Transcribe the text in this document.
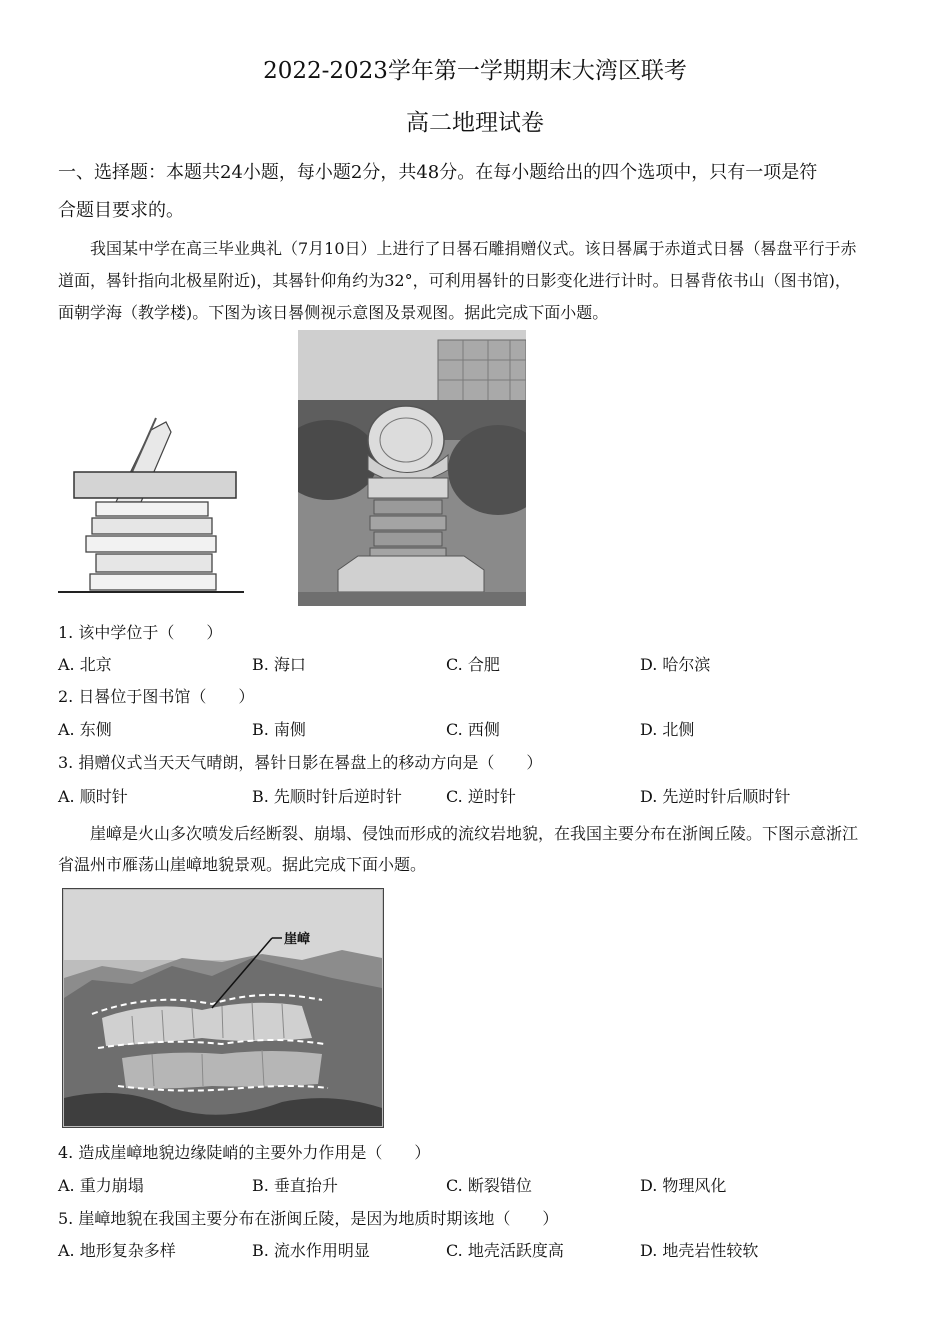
2022-2023学年第一学期期末大湾区联考
高二地理试卷
一、选择题：本题共24小题，每小题2分，共48分。在每小题给出的四个选项中，只有一项是符
合题目要求的。
我国某中学在高三毕业典礼（7月10日）上进行了日晷石雕捐赠仪式。该日晷属于赤道式日晷（晷盘平行于赤
道面，晷针指向北极星附近)，其晷针仰角约为32°，可利用晷针的日影变化进行计时。日晷背依书山（图书馆)，
面朝学海（教学楼)。下图为该日晷侧视示意图及景观图。据此完成下面小题。
1. 该中学位于（　　）
A. 北京	B. 海口	C. 合肥	D. 哈尔滨
2. 日晷位于图书馆（　　）
A. 东侧	B. 南侧	C. 西侧	D. 北侧
3. 捐赠仪式当天天气晴朗，晷针日影在晷盘上的移动方向是（　　）
A. 顺时针	B. 先顺时针后逆时针	C. 逆时针	D. 先逆时针后顺时针
崖嶂是火山多次喷发后经断裂、崩塌、侵蚀而形成的流纹岩地貌，在我国主要分布在浙闽丘陵。下图示意浙江
省温州市雁荡山崖嶂地貌景观。据此完成下面小题。
崖嶂
4. 造成崖嶂地貌边缘陡峭的主要外力作用是（　　）
A. 重力崩塌	B. 垂直抬升	C. 断裂错位	D. 物理风化
5. 崖嶂地貌在我国主要分布在浙闽丘陵，是因为地质时期该地（　　）
A. 地形复杂多样	B. 流水作用明显	C. 地壳活跃度高	D. 地壳岩性较软
